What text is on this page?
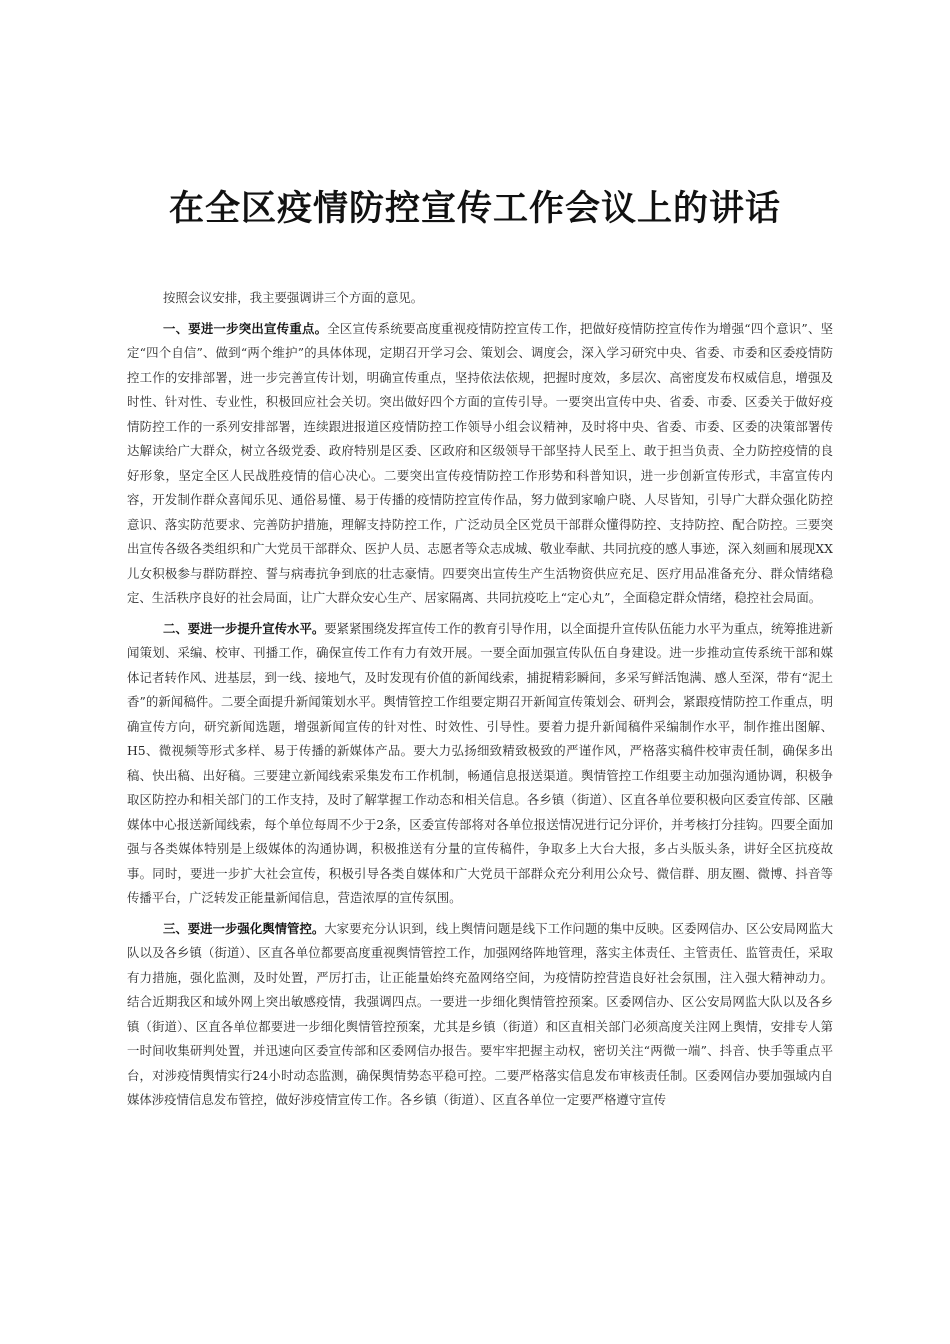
在全区疫情防控宣传工作会议上的讲话

按照会议安排，我主要强调讲三个方面的意见。

一、要进一步突出宣传重点。全区宣传系统要高度重视疫情防控宣传工作，把做好疫情防控宣传作为增强“四个意识”、坚定“四个自信”、做到“两个维护”的具体体现，定期召开学习会、策划会、调度会，深入学习研究中央、省委、市委和区委疫情防控工作的安排部署，进一步完善宣传计划，明确宣传重点，坚持依法依规，把握时度效，多层次、高密度发布权威信息，增强及时性、针对性、专业性，积极回应社会关切。突出做好四个方面的宣传引导。一要突出宣传中央、省委、市委、区委关于做好疫情防控工作的一系列安排部署，连续跟进报道区疫情防控工作领导小组会议精神，及时将中央、省委、市委、区委的决策部署传达解读给广大群众，树立各级党委、政府特别是区委、区政府和区级领导干部坚持人民至上、敢于担当负责、全力防控疫情的良好形象，坚定全区人民战胜疫情的信心决心。二要突出宣传疫情防控工作形势和科普知识，进一步创新宣传形式，丰富宣传内容，开发制作群众喜闻乐见、通俗易懂、易于传播的疫情防控宣传作品，努力做到家喻户晓、人尽皆知，引导广大群众强化防控意识、落实防范要求、完善防护措施，理解支持防控工作，广泛动员全区党员干部群众懂得防控、支持防控、配合防控。三要突出宣传各级各类组织和广大党员干部群众、医护人员、志愿者等众志成城、敬业奉献、共同抗疫的感人事迹，深入刻画和展现XX儿女积极参与群防群控、誓与病毒抗争到底的壮志豪情。四要突出宣传生产生活物资供应充足、医疗用品准备充分、群众情绪稳定、生活秩序良好的社会局面，让广大群众安心生产、居家隔离、共同抗疫吃上“定心丸”，全面稳定群众情绪，稳控社会局面。

二、要进一步提升宣传水平。要紧紧围绕发挥宣传工作的教育引导作用，以全面提升宣传队伍能力水平为重点，统筹推进新闻策划、采编、校审、刊播工作，确保宣传工作有力有效开展。一要全面加强宣传队伍自身建设。进一步推动宣传系统干部和媒体记者转作风、进基层，到一线、接地气，及时发现有价值的新闻线索，捕捉精彩瞬间，多采写鲜活饱满、感人至深，带有“泥土香”的新闻稿件。二要全面提升新闻策划水平。舆情管控工作组要定期召开新闻宣传策划会、研判会，紧跟疫情防控工作重点，明确宣传方向，研究新闻选题，增强新闻宣传的针对性、时效性、引导性。要着力提升新闻稿件采编制作水平，制作推出图解、H5、微视频等形式多样、易于传播的新媒体产品。要大力弘扬细致精致极致的严谨作风，严格落实稿件校审责任制，确保多出稿、快出稿、出好稿。三要建立新闻线索采集发布工作机制，畅通信息报送渠道。舆情管控工作组要主动加强沟通协调，积极争取区防控办和相关部门的工作支持，及时了解掌握工作动态和相关信息。各乡镇（街道）、区直各单位要积极向区委宣传部、区融媒体中心报送新闻线索，每个单位每周不少于2条，区委宣传部将对各单位报送情况进行记分评价，并考核打分挂钩。四要全面加强与各类媒体特别是上级媒体的沟通协调，积极推送有分量的宣传稿件，争取多上大台大报，多占头版头条，讲好全区抗疫故事。同时，要进一步扩大社会宣传，积极引导各类自媒体和广大党员干部群众充分利用公众号、微信群、朋友圈、微博、抖音等传播平台，广泛转发正能量新闻信息，营造浓厚的宣传氛围。

三、要进一步强化舆情管控。大家要充分认识到，线上舆情问题是线下工作问题的集中反映。区委网信办、区公安局网监大队以及各乡镇（街道）、区直各单位都要高度重视舆情管控工作，加强网络阵地管理，落实主体责任、主管责任、监管责任，采取有力措施，强化监测，及时处置，严厉打击，让正能量始终充盈网络空间，为疫情防控营造良好社会氛围，注入强大精神动力。结合近期我区和域外网上突出敏感疫情，我强调四点。一要进一步细化舆情管控预案。区委网信办、区公安局网监大队以及各乡镇（街道）、区直各单位都要进一步细化舆情管控预案，尤其是乡镇（街道）和区直相关部门必须高度关注网上舆情，安排专人第一时间收集研判处置，并迅速向区委宣传部和区委网信办报告。要牢牢把握主动权，密切关注“两微一端”、抖音、快手等重点平台，对涉疫情舆情实行24小时动态监测，确保舆情势态平稳可控。二要严格落实信息发布审核责任制。区委网信办要加强域内自媒体涉疫情信息发布管控，做好涉疫情宣传工作。各乡镇（街道）、区直各单位一定要严格遵守宣传
